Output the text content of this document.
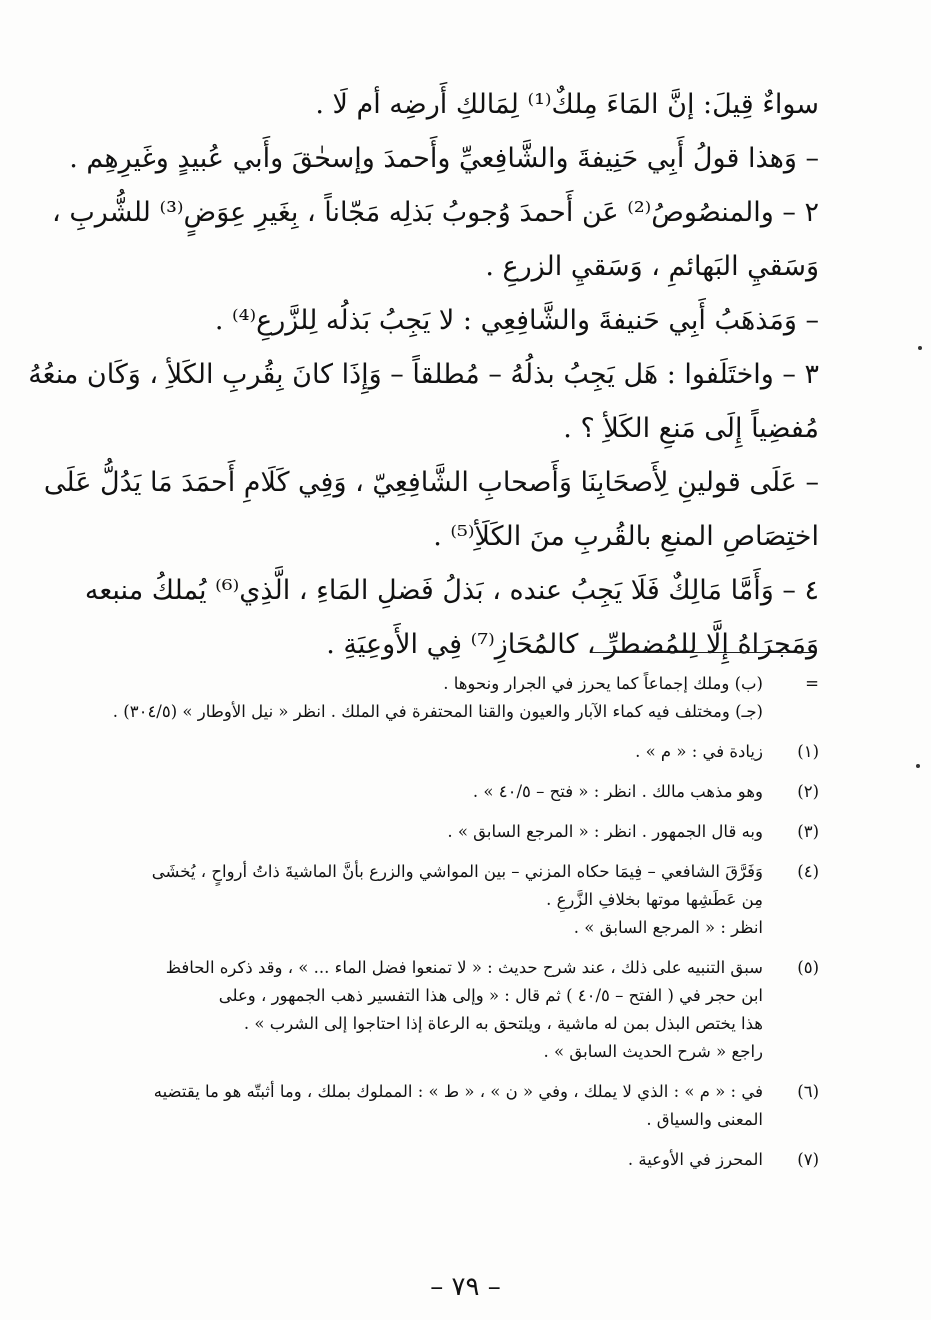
سواءٌ قِيلَ: إنَّ المَاءَ مِلكٌ⁽¹⁾ لِمَالكِ أَرضِه أم لَا .
– وَهذا قولُ أَبِي حَنِيفةَ والشَّافِعيِّ وأَحمدَ وإسحٰقَ وأَبي عُبيدٍ وغَيرِهِم .
٢ – والمنصُوصُ⁽²⁾ عَن أَحمدَ وُجوبُ بَذلِه مَجّاناً ، بِغَيرِ عِوَضٍ⁽³⁾ للشُّربِ ،
وَسَقيِ البَهائمِ ، وَسَقيِ الزرعِ .
– وَمَذهَبُ أَبِي حَنيفةَ والشَّافِعِي : لا يَجِبُ بَذلُه لِلزَّرعِ⁽⁴⁾ .
٣ – واختَلَفوا : هَل يَجِبُ بذلُهُ – مُطلقاً – وَإِذَا كانَ بِقُربِ الكَلأِ ، وَكَان منعُهُ
مُفضِياً إِلَى مَنعِ الكَلأِ ؟ .
– عَلَى قولينِ لِأَصحَابِنَا وَأَصحابِ الشَّافِعِيّ ، وَفِي كَلَامِ أَحمَدَ مَا يَدُلُّ عَلَى
اختِصَاصِ المنعِ بالقُربِ منَ الكَلَأِ⁽⁵⁾ .
٤ – وَأَمَّا مَالِكٌ فَلَا يَجِبُ عنده ، بَذلُ فَضلِ المَاءِ ، الَّذِي⁽⁶⁾ يُملكُ منبعه
وَمَجرَاهُ إِلَّا لِلمُضطرِّ ، كالمُحَازِ⁽⁷⁾ فِي الأَوعِيَةِ .
=
(ب) وملك إجماعاً كما يحرز في الجرار ونحوها .
(جـ) ومختلف فيه كماء الآبار والعيون والقنا المحتفرة في الملك . انظر « نيل الأوطار » (٣٠٤/٥) .
(١)
زيادة في : « م » .
(٢)
وهو مذهب مالك . انظر : « فتح – ٤٠/٥ » .
(٣)
وبه قال الجمهور . انظر : « المرجع السابق » .
(٤)
وَفَرَّقَ الشافعي – فِيمَا حكاه المزني – بين المواشي والزرع بأنَّ الماشيةَ ذاتُ أرواحٍ ، يُخشَى
مِن عَطَشِها موتها بخلافِ الزَّرعِ .
انظر : « المرجع السابق » .
(٥)
سبق التنبيه على ذلك ، عند شرح حديث : « لا تمنعوا فضل الماء ... » ، وقد ذكره الحافظ
ابن حجر في ( الفتح – ٤٠/٥ ) ثم قال : « وإلى هذا التفسير ذهب الجمهور ، وعلى
هذا يختص البذل بمن له ماشية ، ويلتحق به الرعاة إذا احتاجوا إلى الشرب » .
راجع « شرح الحديث السابق » .
(٦)
في : « م » : الذي لا يملك ، وفي « ن » ، « ط » : المملوك بملك ، وما أثبتّه هو ما يقتضيه
المعنى والسياق .
(٧)
المحرز في الأوعية .
– ٧٩ –
